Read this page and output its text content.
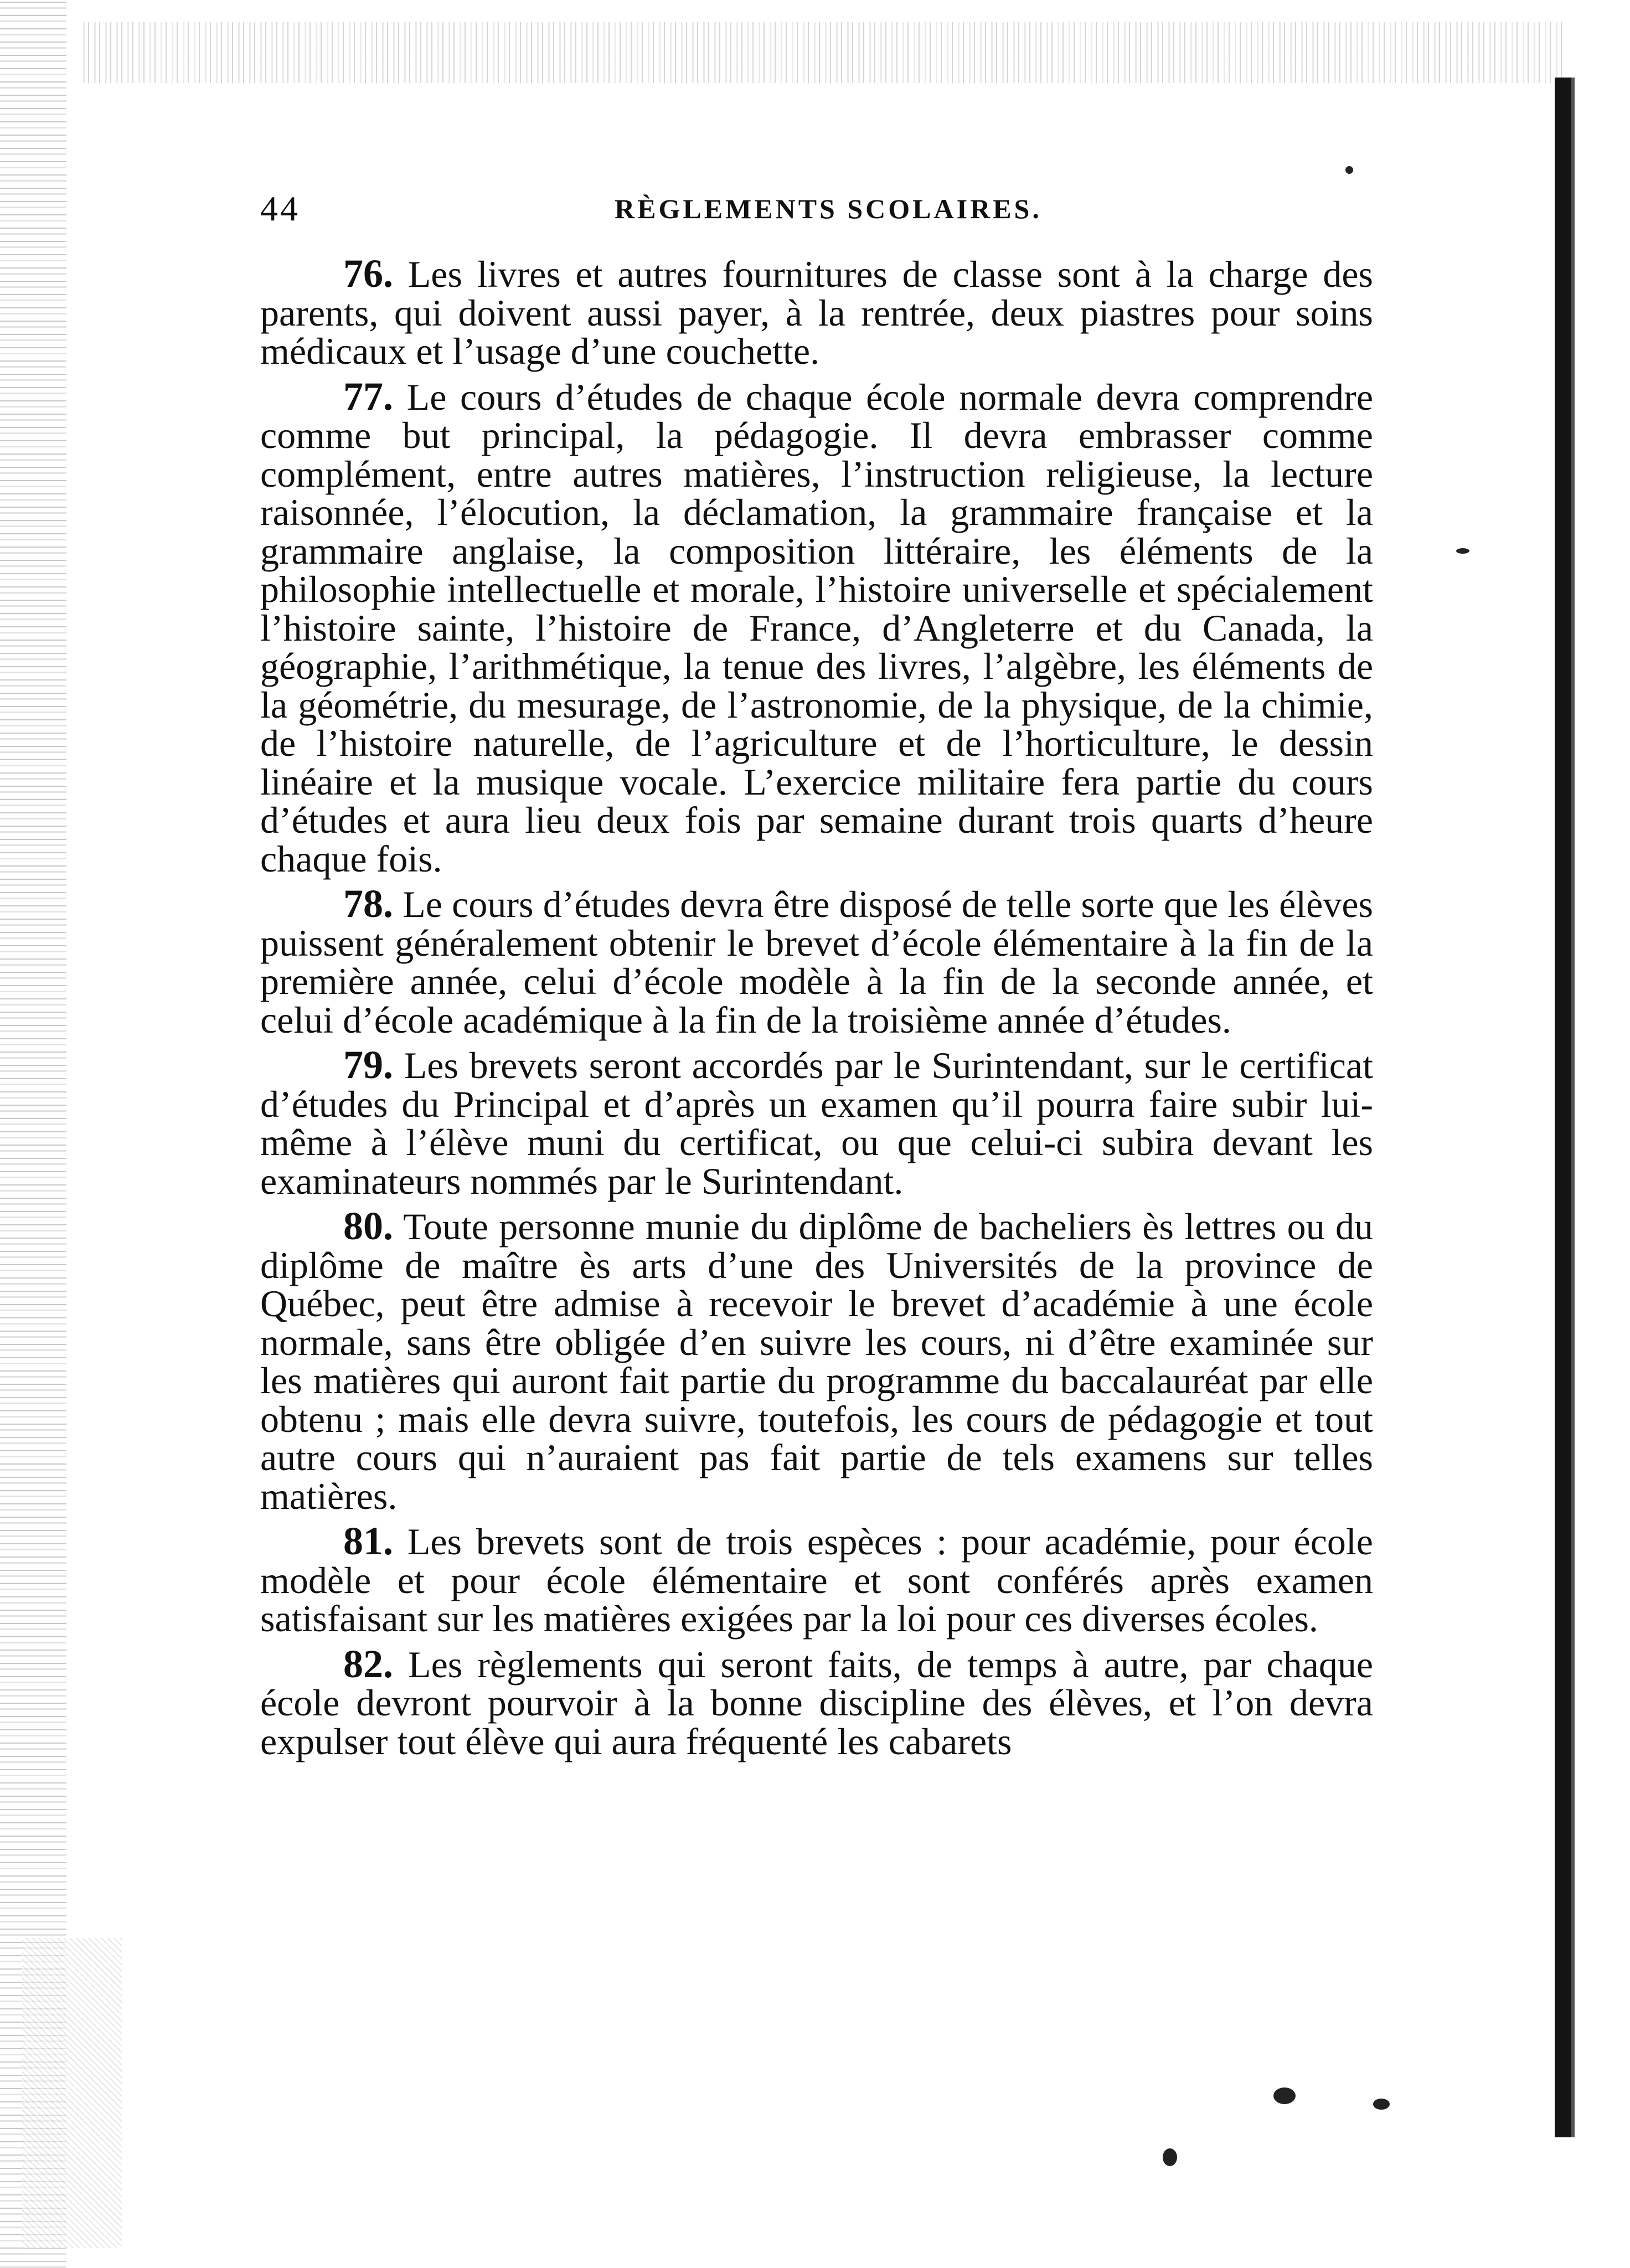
44	RÈGLEMENTS SCOLAIRES.

76. Les livres et autres fournitures de classe sont à la charge des parents, qui doivent aussi payer, à la rentrée, deux piastres pour soins médicaux et l’usage d’une couchette.

77. Le cours d’études de chaque école normale devra comprendre comme but principal, la pédagogie. Il devra embrasser comme complément, entre autres matières, l’instruction religieuse, la lecture raisonnée, l’élocution, la déclamation, la grammaire française et la grammaire anglaise, la composition littéraire, les éléments de la philosophie intellectuelle et morale, l’histoire universelle et spécialement l’histoire sainte, l’histoire de France, d’Angleterre et du Canada, la géographie, l’arithmétique, la tenue des livres, l’algèbre, les éléments de la géométrie, du mesurage, de l’astronomie, de la physique, de la chimie, de l’histoire naturelle, de l’agriculture et de l’horticulture, le dessin linéaire et la musique vocale. L’exercice militaire fera partie du cours d’études et aura lieu deux fois par semaine durant trois quarts d’heure chaque fois.

78. Le cours d’études devra être disposé de telle sorte que les élèves puissent généralement obtenir le brevet d’école élémentaire à la fin de la première année, celui d’école modèle à la fin de la seconde année, et celui d’école académique à la fin de la troisième année d’études.

79. Les brevets seront accordés par le Surintendant, sur le certificat d’études du Principal et d’après un examen qu’il pourra faire subir lui-même à l’élève muni du certificat, ou que celui-ci subira devant les examinateurs nommés par le Surintendant.

80. Toute personne munie du diplôme de bacheliers ès lettres ou du diplôme de maître ès arts d’une des Universités de la province de Québec, peut être admise à recevoir le brevet d’académie à une école normale, sans être obligée d’en suivre les cours, ni d’être examinée sur les matières qui auront fait partie du programme du baccalauréat par elle obtenu ; mais elle devra suivre, toutefois, les cours de pédagogie et tout autre cours qui n’auraient pas fait partie de tels examens sur telles matières.

81. Les brevets sont de trois espèces : pour académie, pour école modèle et pour école élémentaire et sont conférés après examen satisfaisant sur les matières exigées par la loi pour ces diverses écoles.

82. Les règlements qui seront faits, de temps à autre, par chaque école devront pourvoir à la bonne discipline des élèves, et l’on devra expulser tout élève qui aura fréquenté les cabarets
